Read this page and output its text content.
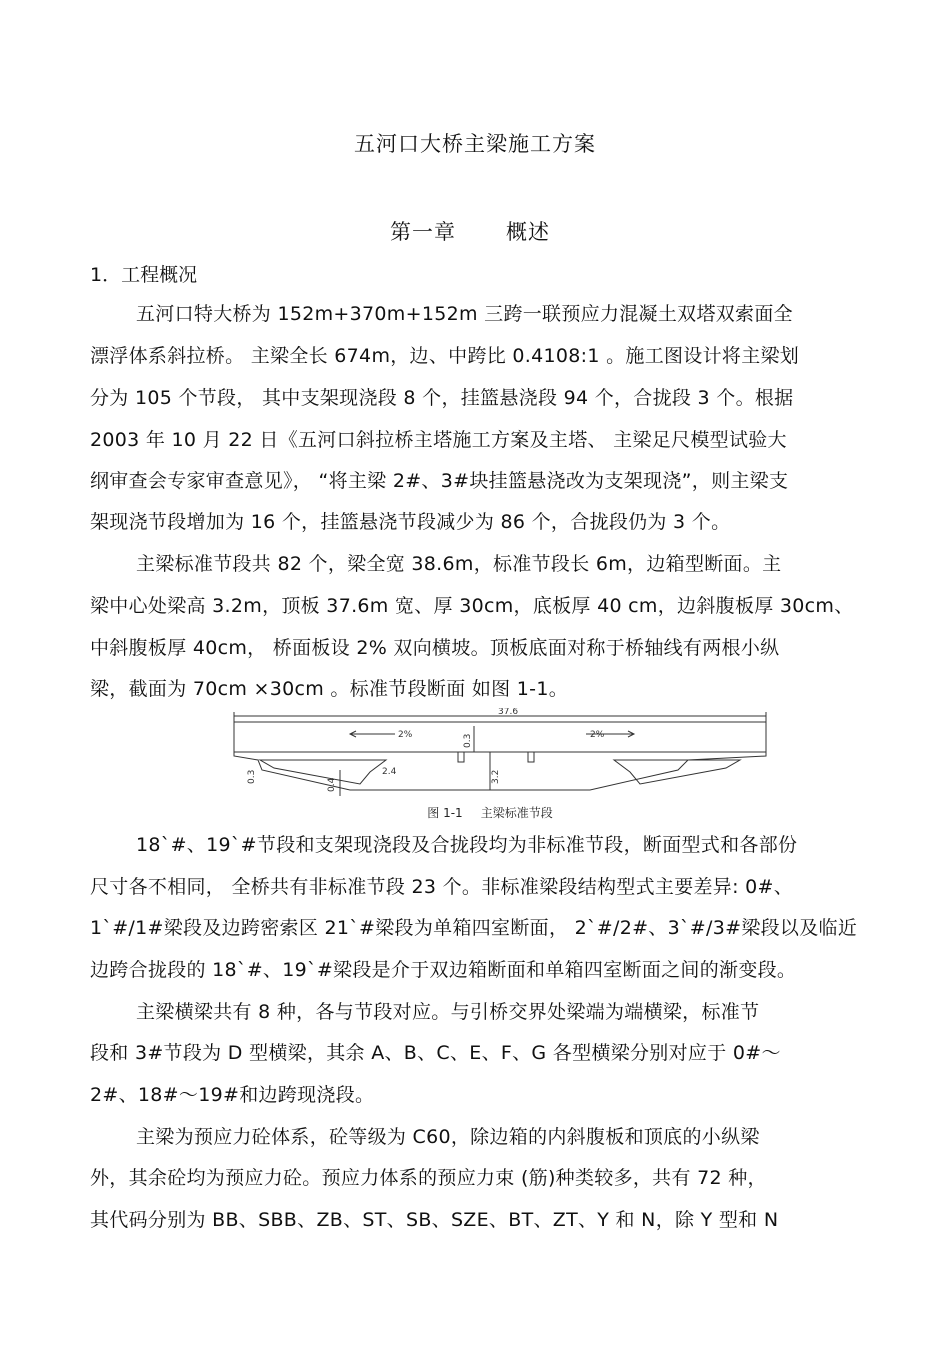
五河口大桥主梁施工方案
第一章 概述
1．工程概况
五河口特大桥为 152m+370m+152m 三跨一联预应力混凝土双塔双索面全
漂浮体系斜拉桥。 主梁全长 674m，边、中跨比 0.4108:1 。施工图设计将主梁划
分为 105 个节段， 其中支架现浇段 8 个，挂篮悬浇段 94 个，合拢段 3 个。根据
2003 年 10 月 22 日《五河口斜拉桥主塔施工方案及主塔、 主梁足尺模型试验大
纲审查会专家审查意见》， “将主梁 2#、3#块挂篮悬浇改为支架现浇”，则主梁支
架现浇节段增加为 16 个，挂篮悬浇节段减少为 86 个，合拢段仍为 3 个。
主梁标准节段共 82 个，梁全宽 38.6m，标准节段长 6m，边箱型断面。主
梁中心处梁高 3.2m，顶板 37.6m 宽、厚 30cm，底板厚 40 cm，边斜腹板厚 30cm、
中斜腹板厚 40cm， 桥面板设 2% 双向横坡。顶板底面对称于桥轴线有两根小纵
梁，截面为 70cm ×30cm 。标准节段断面 如图 1-1。
37.6
2%	2%
0.3
3.2
0.3
0.4
2.4
图 1-1 主梁标准节段
18`#、19`#节段和支架现浇段及合拢段均为非标准节段，断面型式和各部份
尺寸各不相同， 全桥共有非标准节段 23 个。非标准梁段结构型式主要差异: 0#、
1`#/1#梁段及边跨密索区 21`#梁段为单箱四室断面， 2`#/2#、3`#/3#梁段以及临近
边跨合拢段的 18`#、19`#梁段是介于双边箱断面和单箱四室断面之间的渐变段。
主梁横梁共有 8 种，各与节段对应。与引桥交界处梁端为端横梁，标准节
段和 3#节段为 D 型横梁，其余 A、B、C、E、F、G 各型横梁分别对应于 0#～
2#、18#～19#和边跨现浇段。
主梁为预应力砼体系，砼等级为 C60，除边箱的内斜腹板和顶底的小纵梁
外，其余砼均为预应力砼。预应力体系的预应力束 (筋)种类较多，共有 72 种，
其代码分别为 BB、SBB、ZB、ST、SB、SZE、BT、ZT、Y 和 N，除 Y 型和 N
